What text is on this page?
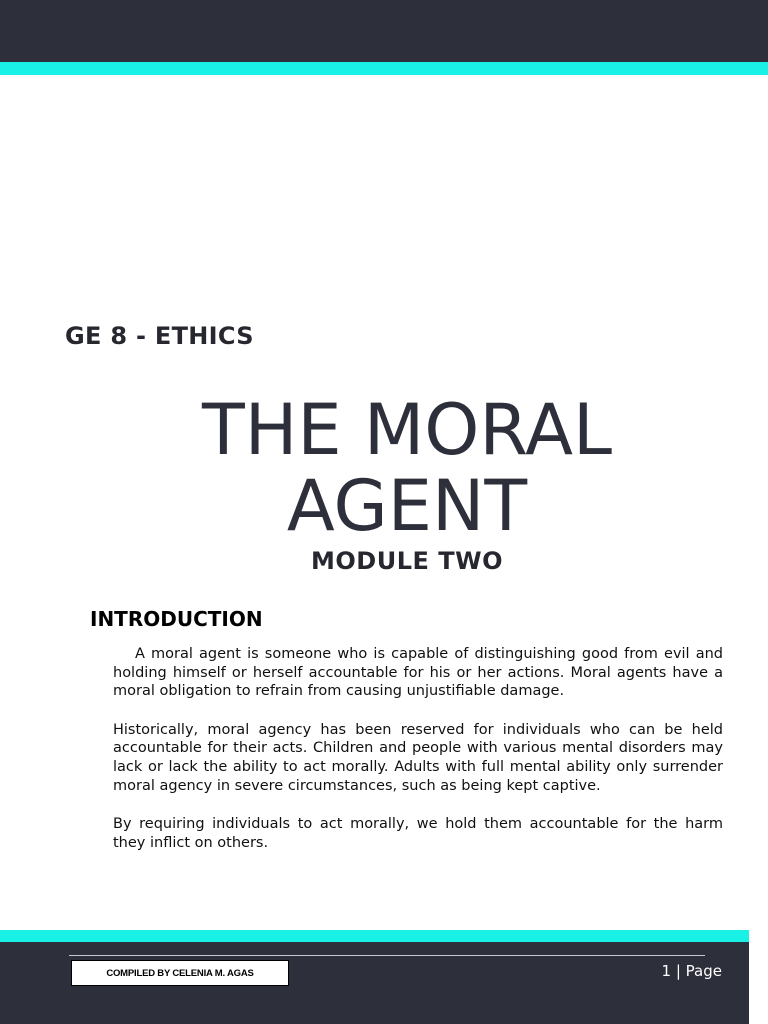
GE 8 - ETHICS
THE MORAL
AGENT
MODULE TWO
INTRODUCTION

A moral agent is someone who is capable of distinguishing good from evil and holding himself or herself accountable for his or her actions. Moral agents have a moral obligation to refrain from causing unjustifiable damage.

Historically, moral agency has been reserved for individuals who can be held accountable for their acts. Children and people with various mental disorders may lack or lack the ability to act morally. Adults with full mental ability only surrender moral agency in severe circumstances, such as being kept captive.

By requiring individuals to act morally, we hold them accountable for the harm they inflict on others.

COMPILED BY CELENIA M. AGAS	1 | Page
